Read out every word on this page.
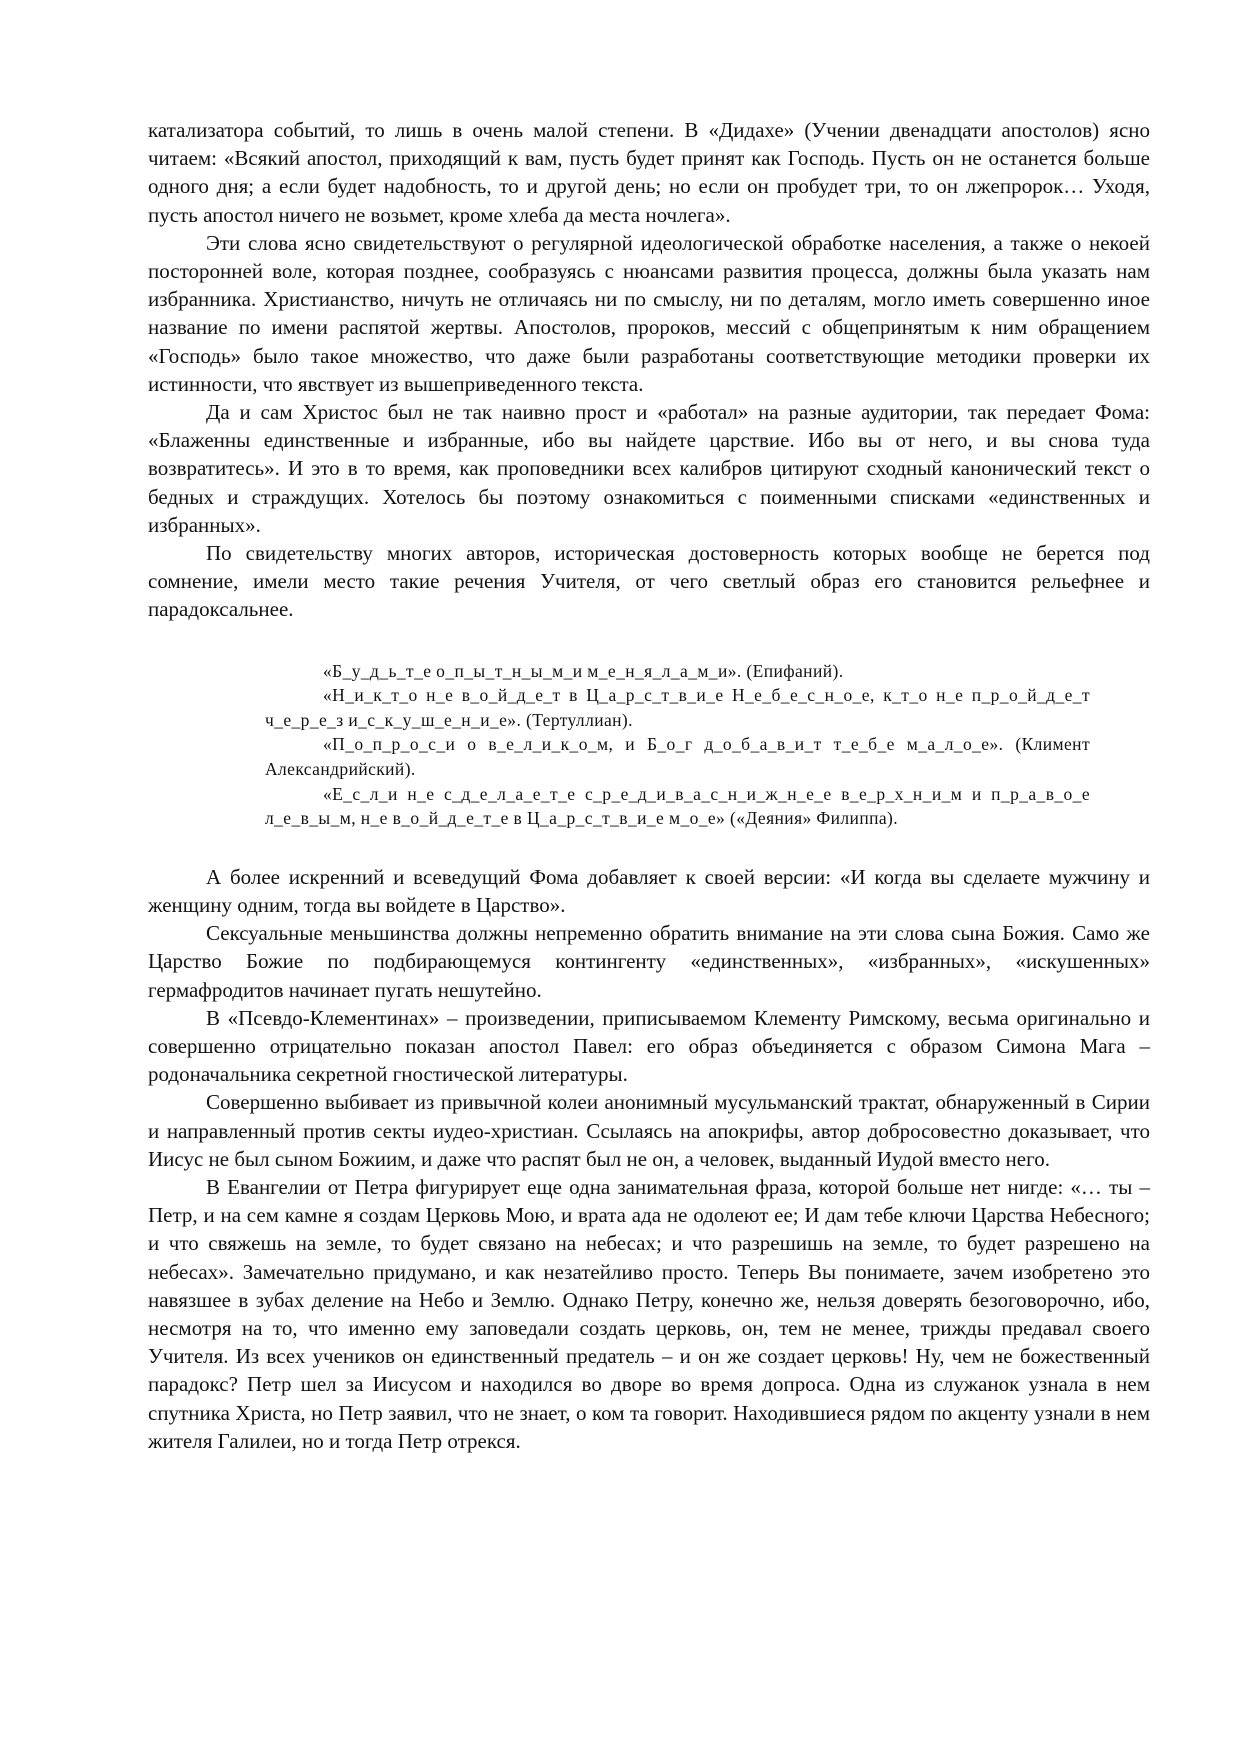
катализатора событий, то лишь в очень малой степени. В «Дидахе» (Учении двенадцати апостолов) ясно читаем: «Всякий апостол, приходящий к вам, пусть будет принят как Господь. Пусть он не останется больше одного дня; а если будет надобность, то и другой день; но если он пробудет три, то он лжепророк… Уходя, пусть апостол ничего не возьмет, кроме хлеба да места ночлега».

Эти слова ясно свидетельствуют о регулярной идеологической обработке населения, а также о некоей посторонней воле, которая позднее, сообразуясь с нюансами развития процесса, должны была указать нам избранника. Христианство, ничуть не отличаясь ни по смыслу, ни по деталям, могло иметь совершенно иное название по имени распятой жертвы. Апостолов, пророков, мессий с общепринятым к ним обращением «Господь» было такое множество, что даже были разработаны соответствующие методики проверки их истинности, что явствует из вышеприведенного текста.

Да и сам Христос был не так наивно прост и «работал» на разные аудитории, так передает Фома: «Блаженны единственные и избранные, ибо вы найдете царствие. Ибо вы от него, и вы снова туда возвратитесь». И это в то время, как проповедники всех калибров цитируют сходный канонический текст о бедных и страждущих. Хотелось бы поэтому ознакомиться с поименными списками «единственных и избранных».

По свидетельству многих авторов, историческая достоверность которых вообще не берется под сомнение, имели место такие речения Учителя, от чего светлый образ его становится рельефнее и парадоксальнее.

«Б_у_д_ь_т_е о_п_ы_т_н_ы_м_и м_е_н_я_л_а_м_и». (Епифаний).

«Н_и_к_т_о н_е в_о_й_д_е_т в Ц_а_р_с_т_в_и_е Н_е_б_е_с_н_о_е, к_т_о н_е п_р_о_й_д_е_т ч_е_р_е_з и_с_к_у_ш_е_н_и_е». (Тертуллиан).

«П_о_п_р_о_с_и о в_е_л_и_к_о_м, и Б_о_г д_о_б_а_в_и_т т_е_б_е м_а_л_о_е». (Климент Александрийский).

«Е_с_л_и н_е с_д_е_л_а_е_т_е с_р_е_д_и_в_а_с_н_и_ж_н_е_е в_е_р_х_н_и_м и п_р_а_в_о_е л_е_в_ы_м, н_е в_о_й_д_е_т_е в Ц_а_р_с_т_в_и_е м_о_е» («Деяния» Филиппа).

А более искренний и всеведущий Фома добавляет к своей версии: «И когда вы сделаете мужчину и женщину одним, тогда вы войдете в Царство».

Сексуальные меньшинства должны непременно обратить внимание на эти слова сына Божия. Само же Царство Божие по подбирающемуся контингенту «единственных», «избранных», «искушенных» гермафродитов начинает пугать нешутейно.

В «Псевдо-Клементинах» – произведении, приписываемом Клементу Римскому, весьма оригинально и совершенно отрицательно показан апостол Павел: его образ объединяется с образом Симона Мага – родоначальника секретной гностической литературы.

Совершенно выбивает из привычной колеи анонимный мусульманский трактат, обнаруженный в Сирии и направленный против секты иудео-христиан. Ссылаясь на апокрифы, автор добросовестно доказывает, что Иисус не был сыном Божиим, и даже что распят был не он, а человек, выданный Иудой вместо него.

В Евангелии от Петра фигурирует еще одна занимательная фраза, которой больше нет нигде: «… ты – Петр, и на сем камне я создам Церковь Мою, и врата ада не одолеют ее; И дам тебе ключи Царства Небесного; и что свяжешь на земле, то будет связано на небесах; и что разрешишь на земле, то будет разрешено на небесах». Замечательно придумано, и как незатейливо просто. Теперь Вы понимаете, зачем изобретено это навязшее в зубах деление на Небо и Землю. Однако Петру, конечно же, нельзя доверять безоговорочно, ибо, несмотря на то, что именно ему заповедали создать церковь, он, тем не менее, трижды предавал своего Учителя. Из всех учеников он единственный предатель – и он же создает церковь! Ну, чем не божественный парадокс? Петр шел за Иисусом и находился во дворе во время допроса. Одна из служанок узнала в нем спутника Христа, но Петр заявил, что не знает, о ком та говорит. Находившиеся рядом по акценту узнали в нем жителя Галилеи, но и тогда Петр отрекся.
